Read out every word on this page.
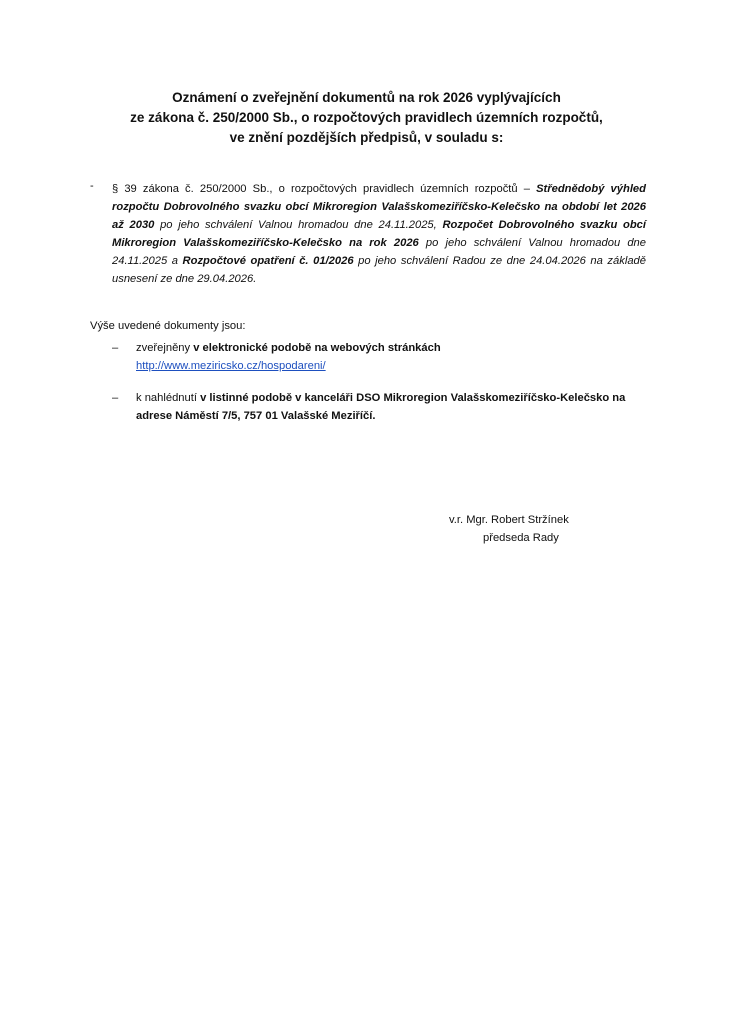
Oznámení o zveřejnění dokumentů na rok 2026 vyplývajících
ze zákona č. 250/2000 Sb., o rozpočtových pravidlech územních rozpočtů,
ve znění pozdějších předpisů, v souladu s:
- § 39 zákona č. 250/2000 Sb., o rozpočtových pravidlech územních rozpočtů – Střednědobý výhled rozpočtu Dobrovolného svazku obcí Mikroregion Valašskomeziříčsko-Kelečsko na období let 2026 až 2030 po jeho schválení Valnou hromadou dne 24.11.2025, Rozpočet Dobrovolného svazku obcí Mikroregion Valašskomeziříčsko-Kelečsko na rok 2026 po jeho schválení Valnou hromadou dne 24.11.2025 a Rozpočtové opatření č. 01/2026 po jeho schválení Radou ze dne 24.04.2026 na základě usnesení ze dne 29.04.2026.
Výše uvedené dokumenty jsou:
– zveřejněny v elektronické podobě na webových stránkách
http://www.meziricsko.cz/hospodareni/
– k nahlédnutí v listinné podobě v kanceláři DSO Mikroregion Valašskomeziříčsko-Kelečsko na adrese Náměstí 7/5, 757 01 Valašské Meziříčí.
v.r. Mgr. Robert Stržínek
předseda Rady
